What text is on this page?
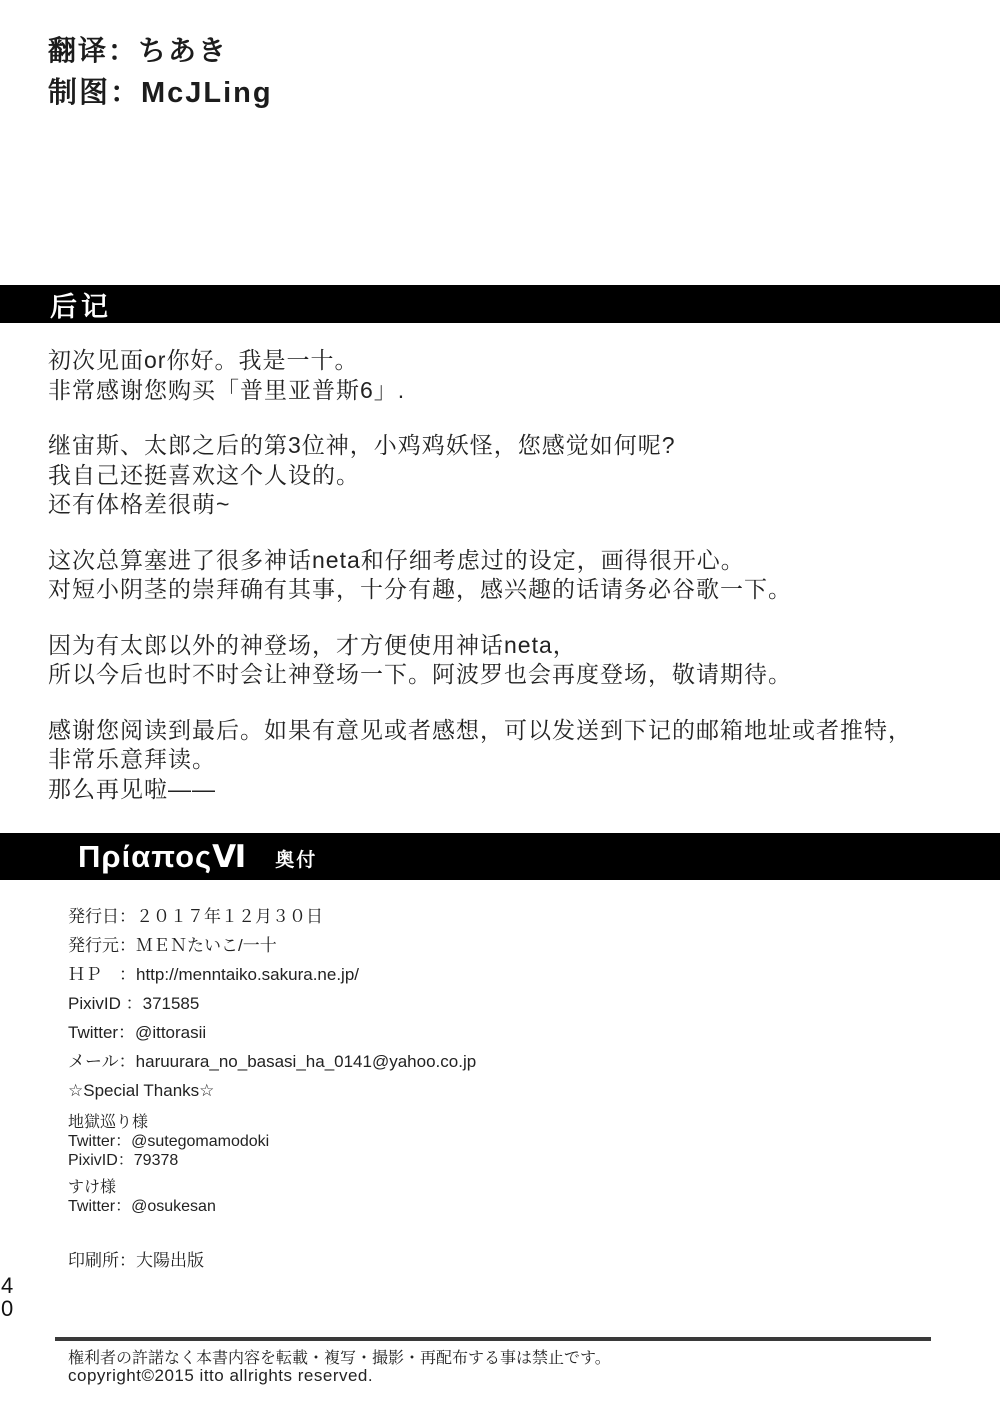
翻译：ちあき
制图：McJLing
后记
初次见面or你好。我是一十。
非常感谢您购买「普里亚普斯6」.
继宙斯、太郎之后的第3位神，小鸡鸡妖怪，您感觉如何呢?
我自己还挺喜欢这个人设的。
还有体格差很萌~
这次总算塞进了很多神话neta和仔细考虑过的设定，画得很开心。
对短小阴茎的崇拜确有其事，十分有趣，感兴趣的话请务必谷歌一下。
因为有太郎以外的神登场，才方便使用神话neta，
所以今后也时不时会让神登场一下。阿波罗也会再度登场，敬请期待。
感谢您阅读到最后。如果有意见或者感想，可以发送到下记的邮箱地址或者推特，
非常乐意拜读。
那么再见啦——
ΠρίαποςⅥ 奥付
発行日：２０１７年１２月３０日
発行元：ＭＥＮたいこ/一十
ＨＰ　：http://menntaiko.sakura.ne.jp/
PixivID ：371585
Twitter：@ittorasii
メール：haruurara_no_basasi_ha_0141@yahoo.co.jp
☆Special Thanks☆
地獄巡り様
Twitter：@sutegomamodoki
PixivID：79378
すけ様
Twitter：@osukesan
印刷所：大陽出版
4
0
権利者の許諾なく本書内容を転載・複写・撮影・再配布する事は禁止です。
copyright©2015 itto allrights reserved.
